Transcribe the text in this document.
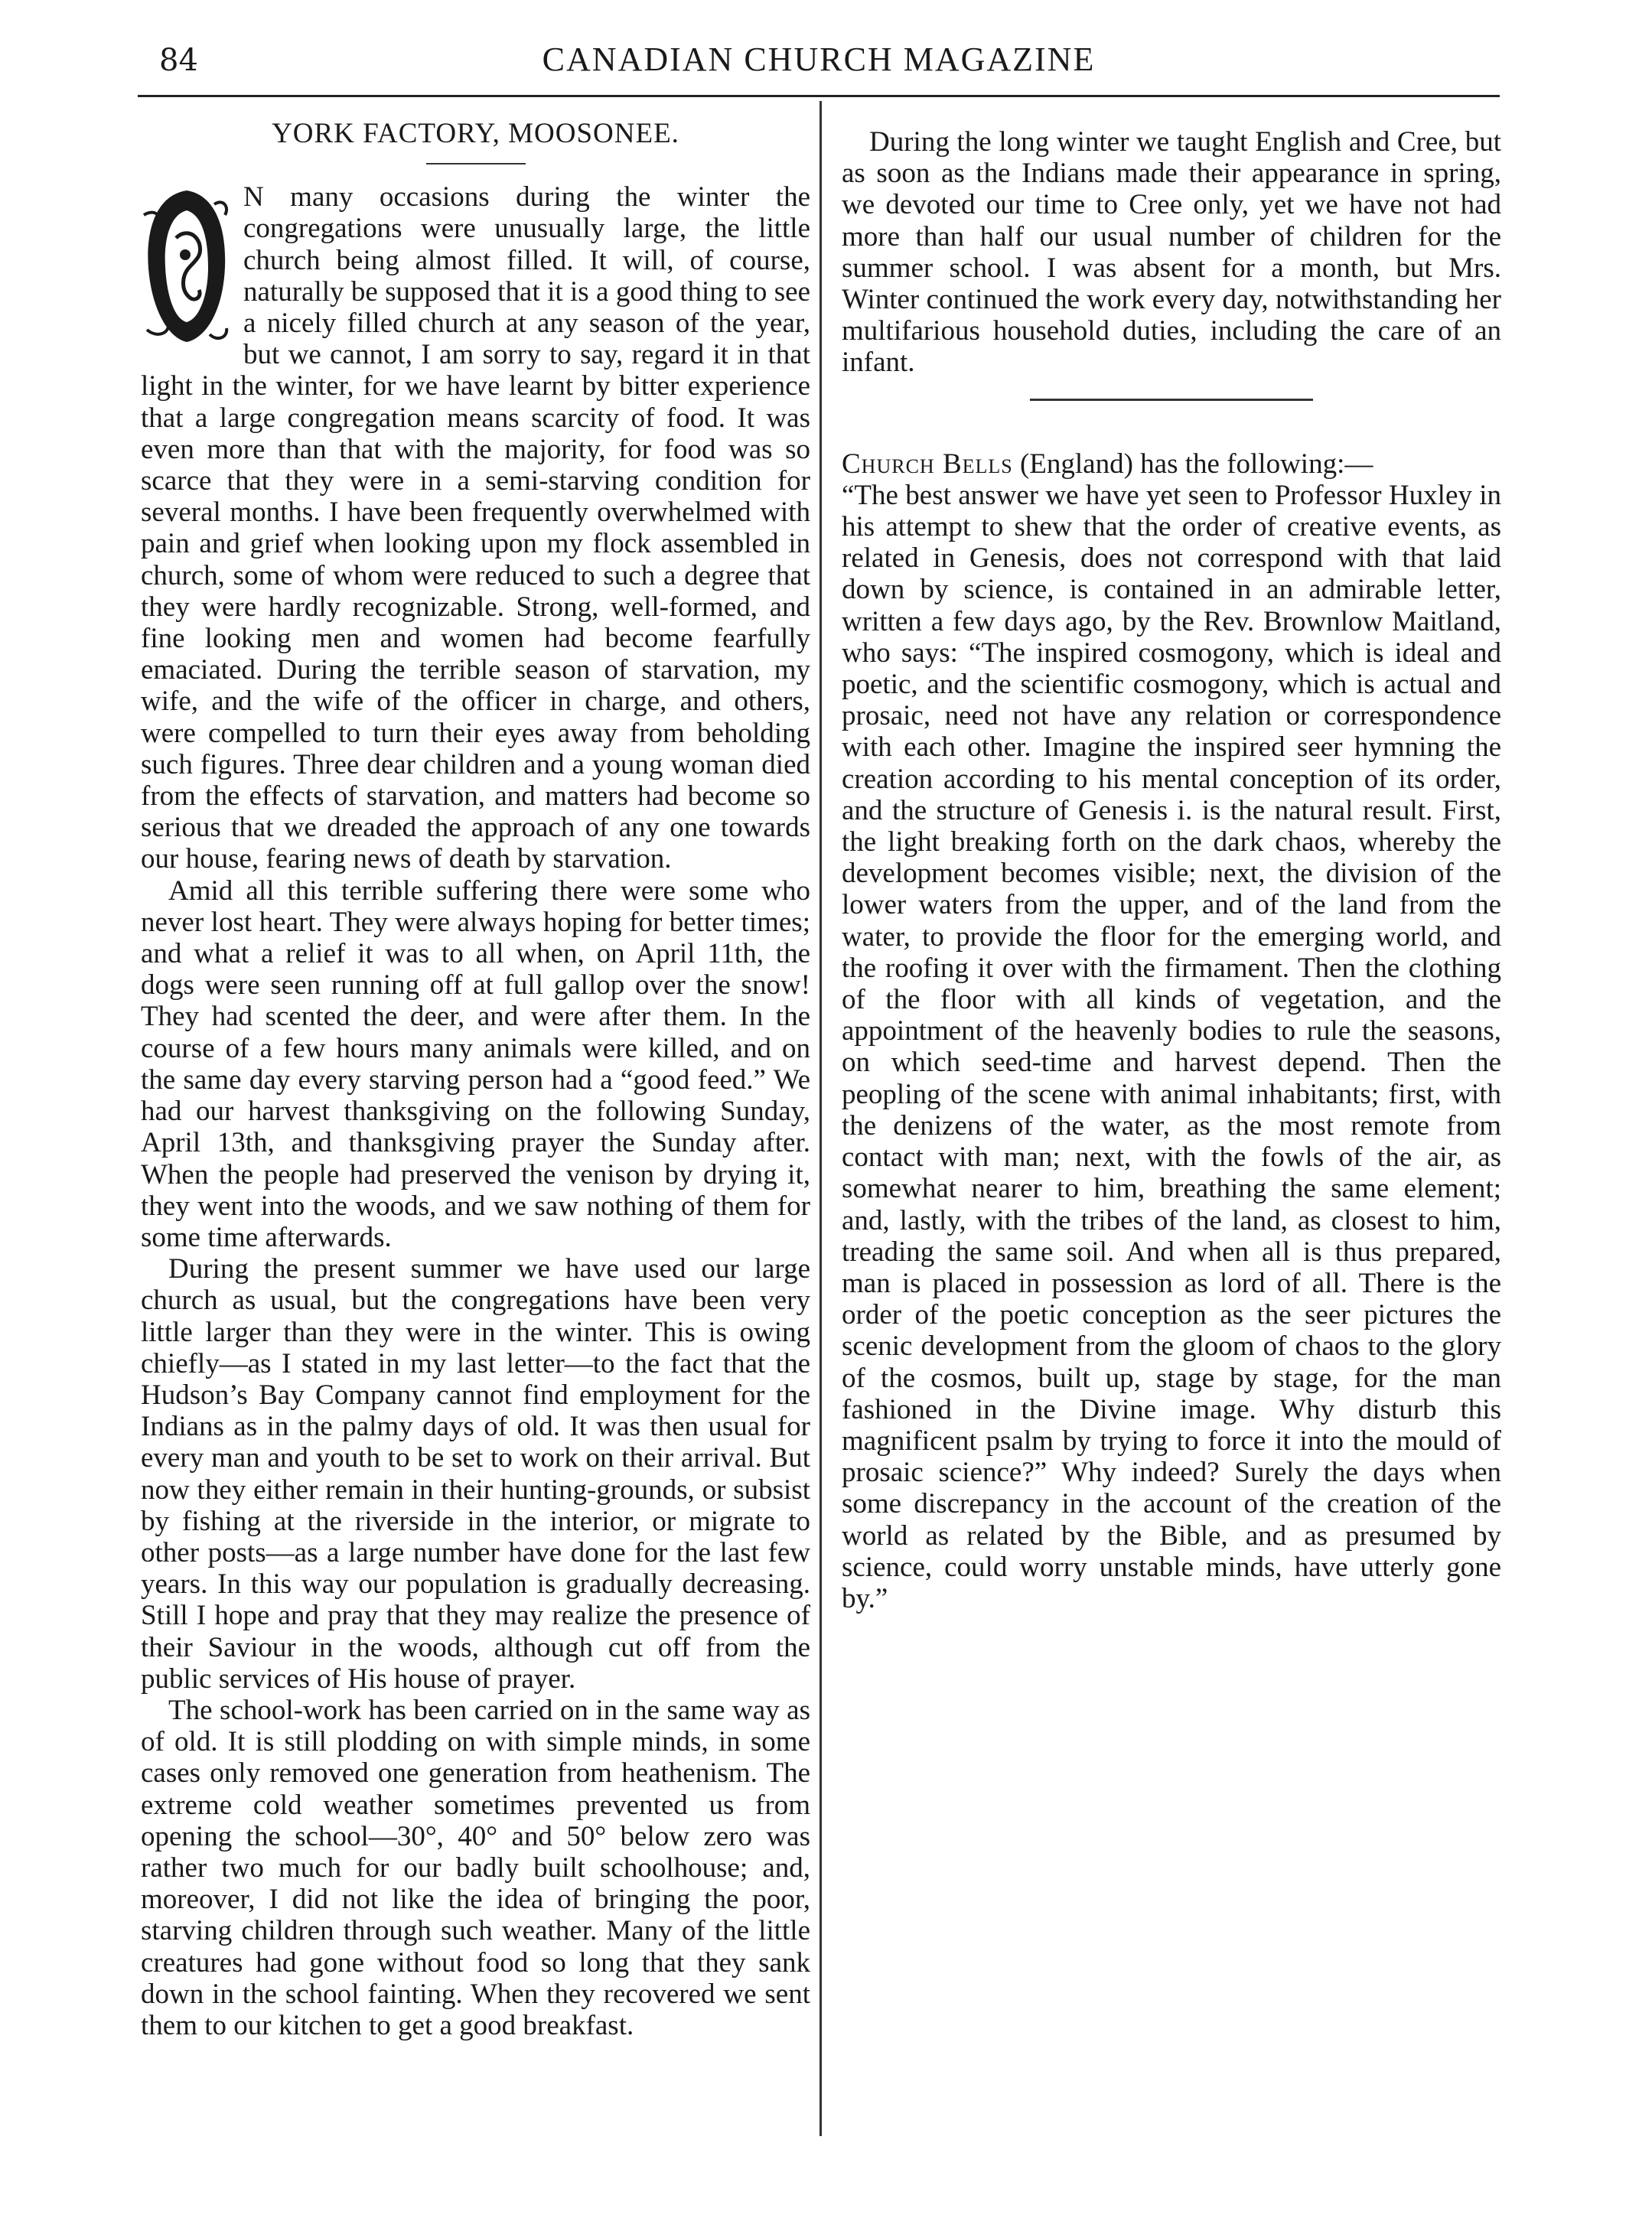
84	CANADIAN CHURCH MAGAZINE
YORK FACTORY, MOOSONEE.

N many occasions during the winter the congregations were unusually large, the little church being almost filled. It will, of course, naturally be supposed that it is a good thing to see a nicely filled church at any season of the year, but we cannot, I am sorry to say, regard it in that light in the winter, for we have learnt by bitter experience that a large congregation means scarcity of food. It was even more than that with the majority, for food was so scarce that they were in a semi-starving condition for several months. I have been frequently overwhelmed with pain and grief when looking upon my flock assembled in church, some of whom were reduced to such a degree that they were hardly recognizable. Strong, well-formed, and fine looking men and women had become fearfully emaciated. During the terrible season of starvation, my wife, and the wife of the officer in charge, and others, were compelled to turn their eyes away from beholding such figures. Three dear children and a young woman died from the effects of starvation, and matters had become so serious that we dreaded the approach of any one towards our house, fearing news of death by starvation.

Amid all this terrible suffering there were some who never lost heart. They were always hoping for better times; and what a relief it was to all when, on April 11th, the dogs were seen running off at full gallop over the snow! They had scented the deer, and were after them. In the course of a few hours many animals were killed, and on the same day every starving person had a “good feed.” We had our harvest thanksgiving on the following Sunday, April 13th, and thanksgiving prayer the Sunday after. When the people had preserved the venison by drying it, they went into the woods, and we saw nothing of them for some time afterwards.

During the present summer we have used our large church as usual, but the congregations have been very little larger than they were in the winter. This is owing chiefly—as I stated in my last letter—to the fact that the Hudson’s Bay Company cannot find employment for the Indians as in the palmy days of old. It was then usual for every man and youth to be set to work on their arrival. But now they either remain in their hunting-grounds, or subsist by fishing at the riverside in the interior, or migrate to other posts—as a large number have done for the last few years. In this way our population is gradually decreasing. Still I hope and pray that they may realize the presence of their Saviour in the woods, although cut off from the public services of His house of prayer.

The school-work has been carried on in the same way as of old. It is still plodding on with simple minds, in some cases only removed one generation from heathenism. The extreme cold weather sometimes prevented us from opening the school—30°, 40° and 50° below zero was rather two much for our badly built schoolhouse; and, moreover, I did not like the idea of bringing the poor, starving children through such weather. Many of the little creatures had gone without food so long that they sank down in the school fainting. When they recovered we sent them to our kitchen to get a good breakfast.

During the long winter we taught English and Cree, but as soon as the Indians made their appearance in spring, we devoted our time to Cree only, yet we have not had more than half our usual number of children for the summer school. I was absent for a month, but Mrs. Winter continued the work every day, notwithstanding her multifarious household duties, including the care of an infant.

Church Bells (England) has the following:—

“The best answer we have yet seen to Professor Huxley in his attempt to shew that the order of creative events, as related in Genesis, does not correspond with that laid down by science, is contained in an admirable letter, written a few days ago, by the Rev. Brownlow Maitland, who says: “The inspired cosmogony, which is ideal and poetic, and the scientific cosmogony, which is actual and prosaic, need not have any relation or correspondence with each other. Imagine the inspired seer hymning the creation according to his mental conception of its order, and the structure of Genesis i. is the natural result. First, the light breaking forth on the dark chaos, whereby the development becomes visible; next, the division of the lower waters from the upper, and of the land from the water, to provide the floor for the emerging world, and the roofing it over with the firmament. Then the clothing of the floor with all kinds of vegetation, and the appointment of the heavenly bodies to rule the seasons, on which seed-time and harvest depend. Then the peopling of the scene with animal inhabitants; first, with the denizens of the water, as the most remote from contact with man; next, with the fowls of the air, as somewhat nearer to him, breathing the same element; and, lastly, with the tribes of the land, as closest to him, treading the same soil. And when all is thus prepared, man is placed in possession as lord of all. There is the order of the poetic conception as the seer pictures the scenic development from the gloom of chaos to the glory of the cosmos, built up, stage by stage, for the man fashioned in the Divine image. Why disturb this magnificent psalm by trying to force it into the mould of prosaic science?” Why indeed? Surely the days when some discrepancy in the account of the creation of the world as related by the Bible, and as presumed by science, could worry unstable minds, have utterly gone by.”
